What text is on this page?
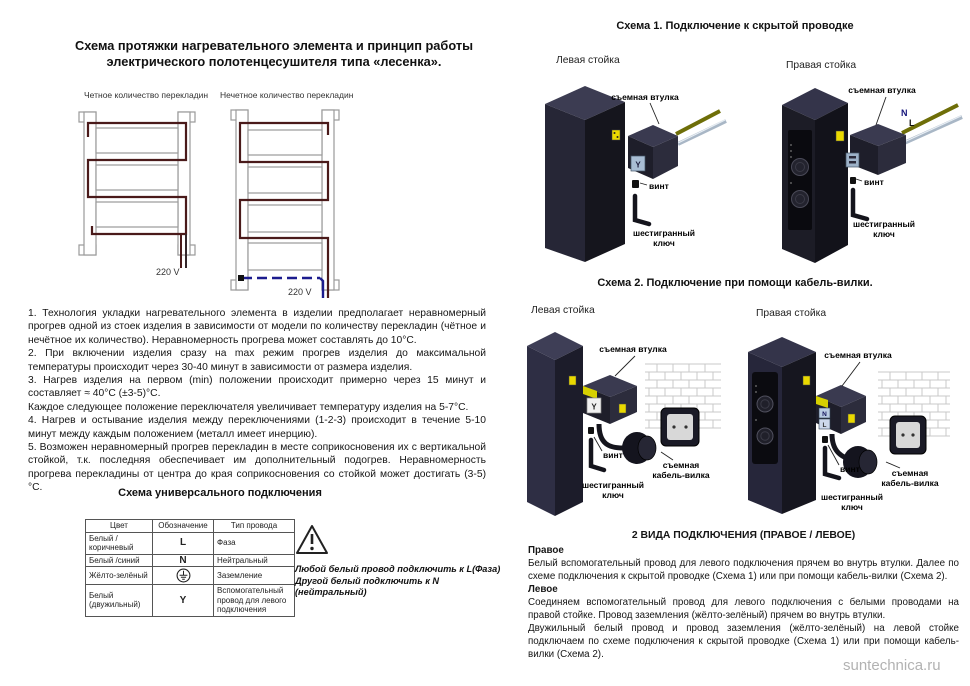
Схема протяжки нагревательного элемента и принцип работы
электрического полотенцесушителя типа «лесенка».
Четное количество перекладин Нечетное количество перекладин
220 V
220 V

1. Технология укладки нагревательного элемента в изделии предполагает неравномерный прогрев одной из стоек изделия в зависимости от модели по количеству перекладин (чётное и нечётное их количество). Неравномерность прогрева может составлять до 10°С.

2. При включении изделия сразу на max режим прогрев изделия до максимальной температуры происходит через 30-40 минут в зависимости от размера изделия.

3. Нагрев изделия на первом (min) положении происходит примерно через 15 минут и составляет ≈ 40°С (±3-5)°С.

Каждое следующее положение переключателя увеличивает температуру изделия на 5-7°С.

4. Нагрев и остывание изделия между переключениями (1-2-3) происходит в течение 5-10 минут между каждым положением (металл имеет инерцию).

5. Возможен неравномерный прогрев перекладин в месте соприкосновения их с вертикальной стойкой, т.к. последняя обеспечивает им дополнительный подогрев. Неравномерность прогрева перекладины от центра до края соприкосновения со стойкой может достигать (3-5)°С.	Схема универсального подключения
Цвет	Обозначение	Тип провода
Белый /коричневый	L	Фаза
Белый /синий	N	Нейтральный
Жёлто-зелёный		Заземление
Белый (двужильный)	Y	Вспомогательный провод для левого подключения
Любой белый провод подключить к L(Фаза)
Другой белый подключить к N (нейтральный)
Схема 1. Подключение к скрытой проводке
Левая стойка	Правая стойка
Y
съемная втулка
винт
шестигранный
ключ
N
L
съемная втулка
винт
шестигранный
ключ
Схема 2. Подключение при помощи кабель-вилки.
Левая стойка	Правая стойка
Y
съемная втулка
винт
шестигранный
ключ
съемная
кабель-вилка
N
L
съемная втулка
винт	съемная
кабель-вилка
шестигранный
ключ

2 ВИДА ПОДКЛЮЧЕНИЯ (ПРАВОЕ / ЛЕВОЕ)

Правое

Белый вспомогательный провод для левого подключения прячем во внутрь втулки. Далее по схеме подключения к скрытой проводке (Схема 1) или при помощи кабель-вилки (Схема 2).

Левое

Соединяем вспомогательный провод для левого подключения с белыми проводами на правой стойке. Провод заземления (жёлто-зелёный) прячем во внутрь втулки.

Двужильный белый провод и провод заземления (жёлто-зелёный) на левой стойке подключаем по схеме подключения к скрытой проводке (Схема 1) или при помощи кабель-вилки (Схема 2).

suntechnica.ru
